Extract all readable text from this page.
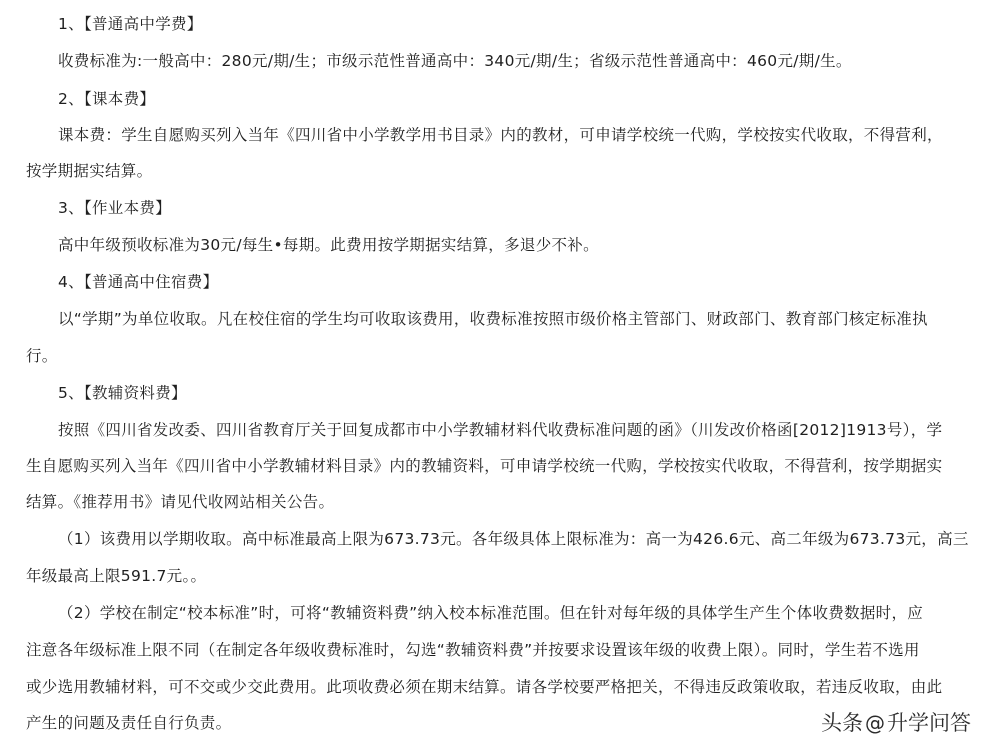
1、【普通高中学费】
收费标准为:一般高中：280元/期/生；市级示范性普通高中：340元/期/生；省级示范性普通高中：460元/期/生。
2、【课本费】
课本费：学生自愿购买列入当年《四川省中小学教学用书目录》内的教材，可申请学校统一代购，学校按实代收取，不得营利，
按学期据实结算。
3、【作业本费】
高中年级预收标准为30元/每生•每期。此费用按学期据实结算，多退少不补。
4、【普通高中住宿费】
以“学期”为单位收取。凡在校住宿的学生均可收取该费用，收费标准按照市级价格主管部门、财政部门、教育部门核定标准执
行。
5、【教辅资料费】
按照《四川省发改委、四川省教育厅关于回复成都市中小学教辅材料代收费标准问题的函》（川发改价格函[2012]1913号），学
生自愿购买列入当年《四川省中小学教辅材料目录》内的教辅资料，可申请学校统一代购，学校按实代收取，不得营利，按学期据实
结算。《推荐用书》请见代收网站相关公告。
（1）该费用以学期收取。高中标准最高上限为673.73元。各年级具体上限标准为：高一为426.6元、高二年级为673.73元，高三
年级最高上限591.7元。。
（2）学校在制定“校本标准”时，可将“教辅资料费”纳入校本标准范围。但在针对每年级的具体学生产生个体收费数据时，应
注意各年级标准上限不同（在制定各年级收费标准时，勾选“教辅资料费”并按要求设置该年级的收费上限）。同时，学生若不选用
或少选用教辅材料，可不交或少交此费用。此项收费必须在期末结算。请各学校要严格把关，不得违反政策收取，若违反收取，由此
产生的问题及责任自行负责。	头条 @ 升学问答
